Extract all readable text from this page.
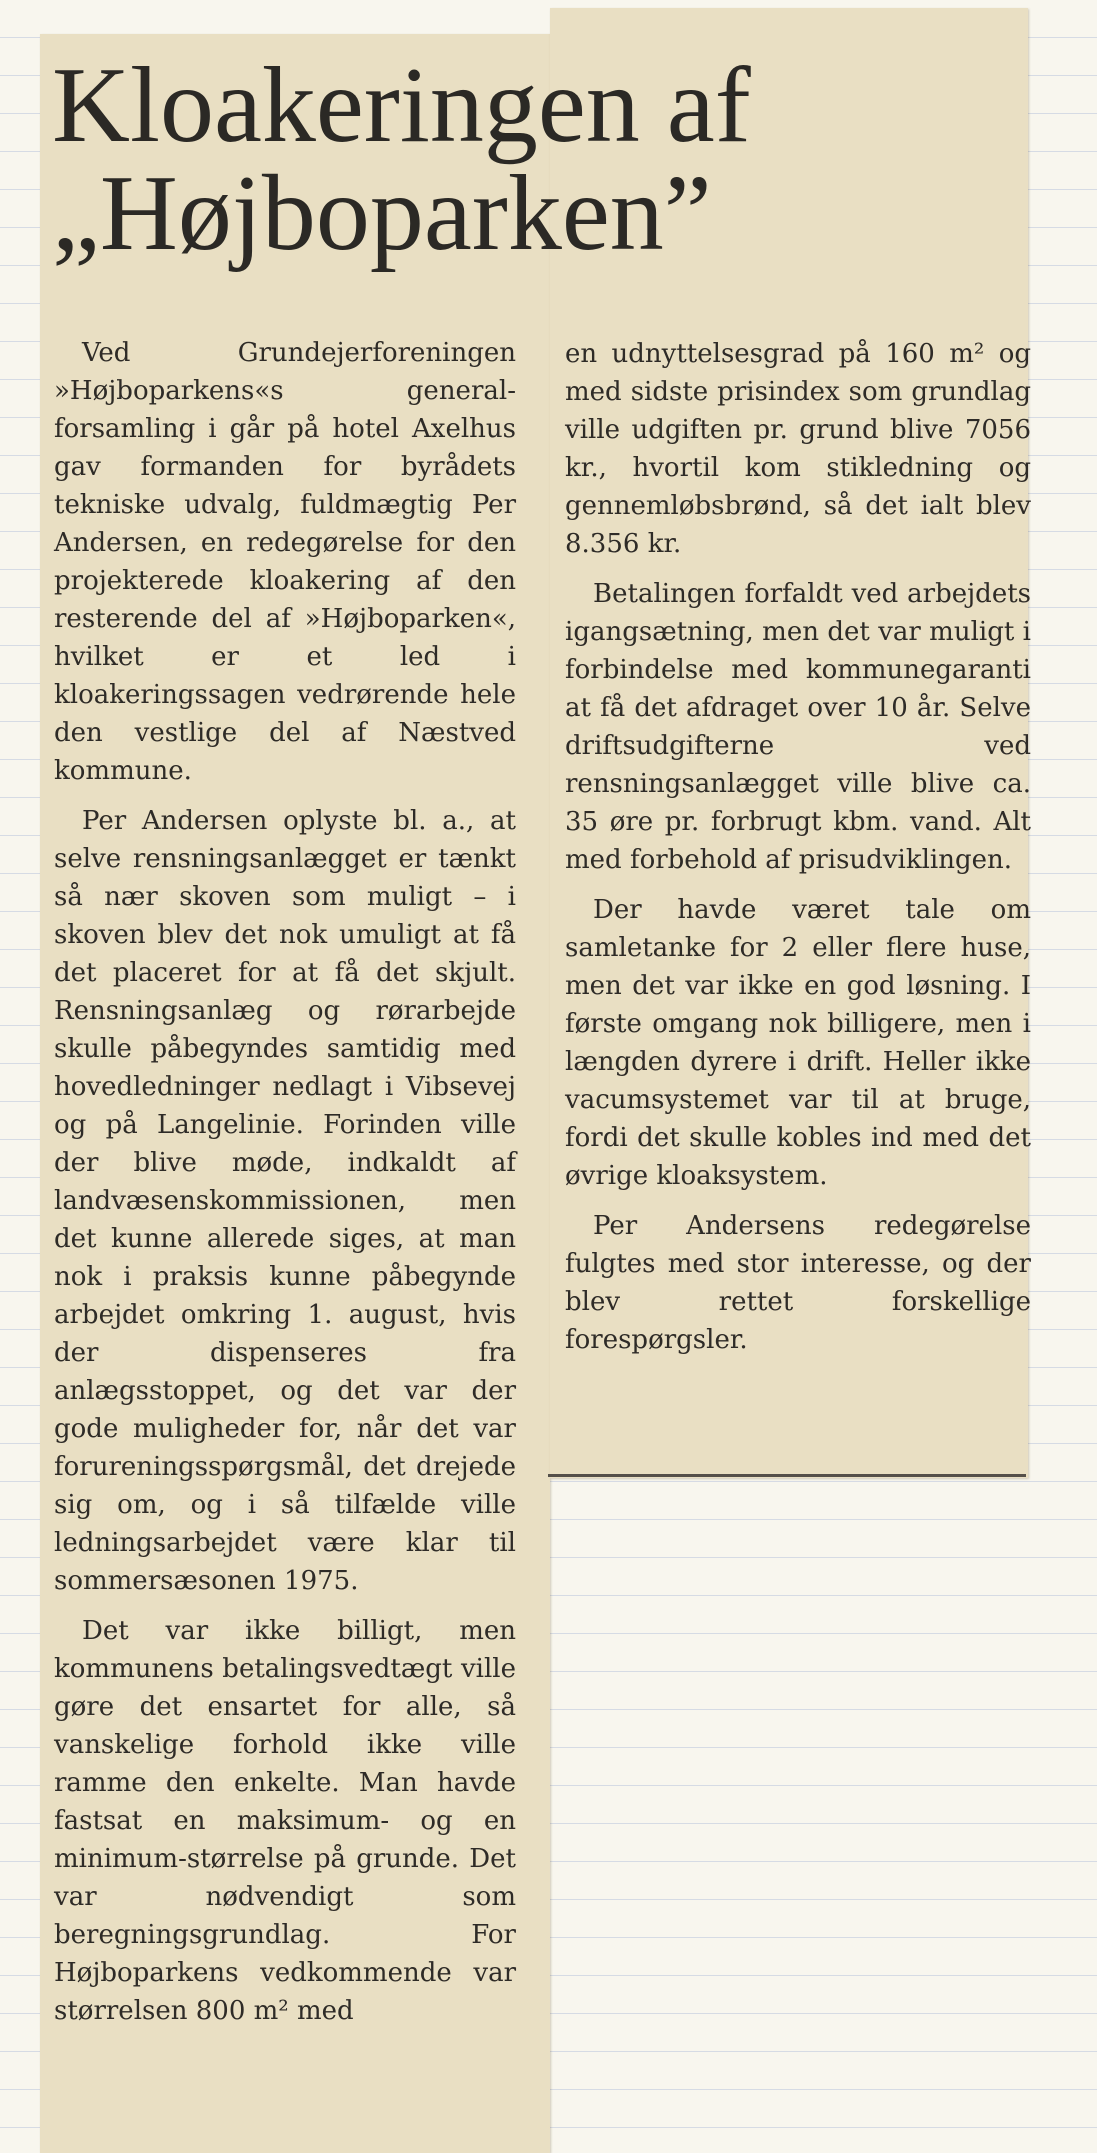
Kloakeringen af
„Højboparken”

Ved Grundejerforeningen »Højboparkens«s generalforsamling i går på hotel Axelhus gav formanden for byrådets tekniske udvalg, fuldmægtig Per Andersen, en redegørelse for den projekterede kloakering af den resterende del af »Højboparken«, hvilket er et led i kloakeringssagen vedrørende hele den vestlige del af Næstved kommune.

Per Andersen oplyste bl. a., at selve rensningsanlægget er tænkt så nær skoven som muligt – i skoven blev det nok umuligt at få det placeret for at få det skjult. Rensningsanlæg og rørarbejde skulle påbegyndes samtidig med hovedledninger nedlagt i Vibsevej og på Langelinie. Forinden ville der blive møde, indkaldt af landvæsenskommissionen, men det kunne allerede siges, at man nok i praksis kunne påbegynde arbejdet omkring 1. august, hvis der dispenseres fra anlægsstoppet, og det var der gode muligheder for, når det var forureningsspørgsmål, det drejede sig om, og i så tilfælde ville ledningsarbejdet være klar til sommersæsonen 1975.

Det var ikke billigt, men kommunens betalingsvedtægt ville gøre det ensartet for alle, så vanskelige forhold ikke ville ramme den enkelte. Man havde fastsat en maksimum- og en minimum-størrelse på grunde. Det var nødvendigt som beregningsgrundlag. For Højboparkens vedkommende var størrelsen 800 m² med

en udnyttelsesgrad på 160 m² og med sidste prisindex som grundlag ville udgiften pr. grund blive 7056 kr., hvortil kom stikledning og gennemløbsbrønd, så det ialt blev 8.356 kr.

Betalingen forfaldt ved arbejdets igangsætning, men det var muligt i forbindelse med kommunegaranti at få det afdraget over 10 år. Selve driftsudgifterne ved rensningsanlægget ville blive ca. 35 øre pr. forbrugt kbm. vand. Alt med forbehold af prisudviklingen.

Der havde været tale om samletanke for 2 eller flere huse, men det var ikke en god løsning. I første omgang nok billigere, men i længden dyrere i drift. Heller ikke vacumsystemet var til at bruge, fordi det skulle kobles ind med det øvrige kloaksystem.

Per Andersens redegørelse fulgtes med stor interesse, og der blev rettet forskellige forespørgsler.
